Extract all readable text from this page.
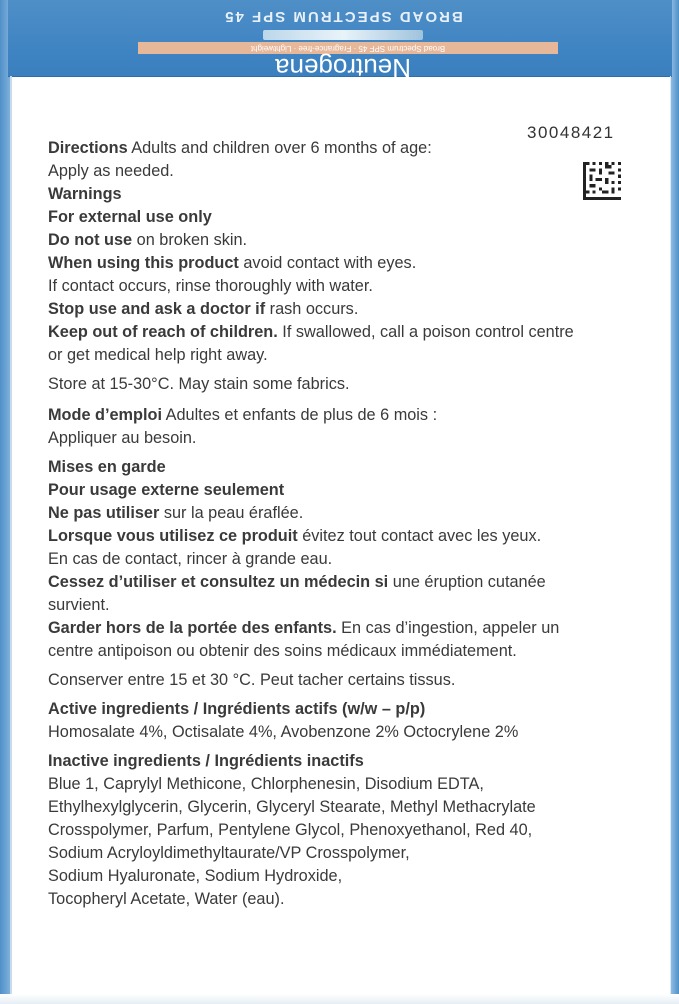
BROAD SPECTRUM SPF 45
Broad Spectrum SPF 45 · Fragrance-free · Lightweight
Neutrogena
30048421
Directions Adults and children over 6 months of age:
Apply as needed.
Warnings
For external use only
Do not use on broken skin.
When using this product avoid contact with eyes.
If contact occurs, rinse thoroughly with water.
Stop use and ask a doctor if rash occurs.
Keep out of reach of children. If swallowed, call a poison control centre
or get medical help right away.
Store at 15-30°C. May stain some fabrics.
Mode d’emploi Adultes et enfants de plus de 6 mois :
Appliquer au besoin.
Mises en garde
Pour usage externe seulement
Ne pas utiliser sur la peau éraflée.
Lorsque vous utilisez ce produit évitez tout contact avec les yeux.
En cas de contact, rincer à grande eau.
Cessez d’utiliser et consultez un médecin si une éruption cutanée
survient.
Garder hors de la portée des enfants. En cas d’ingestion, appeler un
centre antipoison ou obtenir des soins médicaux immédiatement.
Conserver entre 15 et 30 °C. Peut tacher certains tissus.
Active ingredients / Ingrédients actifs (w/w – p/p)
Homosalate 4%, Octisalate 4%, Avobenzone 2% Octocrylene 2%
Inactive ingredients / Ingrédients inactifs
Blue 1, Caprylyl Methicone, Chlorphenesin, Disodium EDTA,
Ethylhexylglycerin, Glycerin, Glyceryl Stearate, Methyl Methacrylate
Crosspolymer, Parfum, Pentylene Glycol, Phenoxyethanol, Red 40,
Sodium Acryloyldimethyltaurate/VP Crosspolymer,
Sodium Hyaluronate, Sodium Hydroxide,
Tocopheryl Acetate, Water (eau).
